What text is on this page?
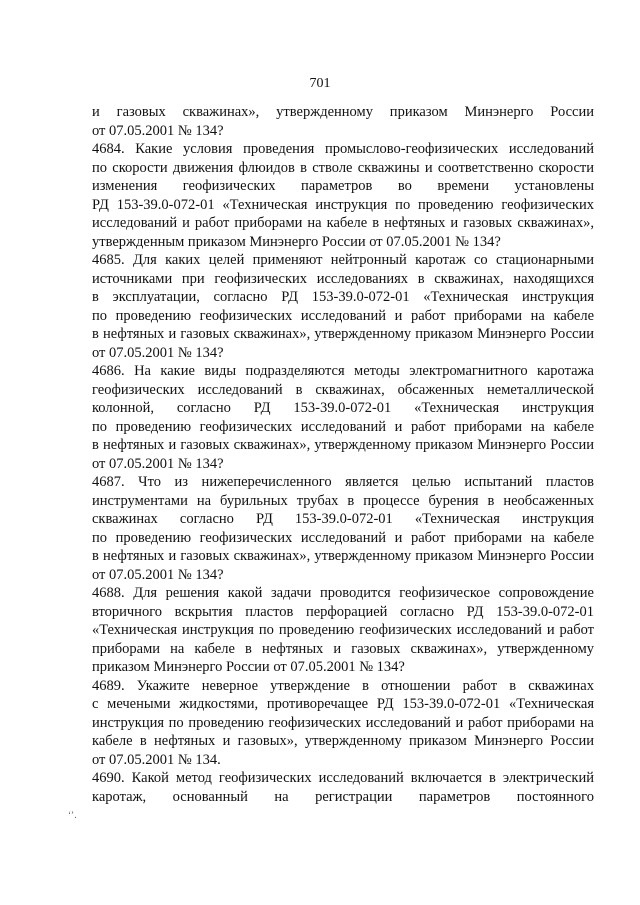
701
и газовых скважинах», утвержденному приказом Минэнерго России
от 07.05.2001 № 134?
4684. Какие условия проведения промыслово-геофизических исследований
по скорости движения флюидов в стволе скважины и соответственно скорости
изменения геофизических параметров во времени установлены
РД 153-39.0-072-01 «Техническая инструкция по проведению геофизических
исследований и работ приборами на кабеле в нефтяных и газовых скважинах»,
утвержденным приказом Минэнерго России от 07.05.2001 № 134?
4685. Для каких целей применяют нейтронный каротаж со стационарными
источниками при геофизических исследованиях в скважинах, находящихся
в эксплуатации, согласно РД 153-39.0-072-01 «Техническая инструкция
по проведению геофизических исследований и работ приборами на кабеле
в нефтяных и газовых скважинах», утвержденному приказом Минэнерго России
от 07.05.2001 № 134?
4686. На какие виды подразделяются методы электромагнитного каротажа
геофизических исследований в скважинах, обсаженных неметаллической
колонной, согласно РД 153-39.0-072-01 «Техническая инструкция
по проведению геофизических исследований и работ приборами на кабеле
в нефтяных и газовых скважинах», утвержденному приказом Минэнерго России
от 07.05.2001 № 134?
4687. Что из нижеперечисленного является целью испытаний пластов
инструментами на бурильных трубах в процессе бурения в необсаженных
скважинах согласно РД 153-39.0-072-01 «Техническая инструкция
по проведению геофизических исследований и работ приборами на кабеле
в нефтяных и газовых скважинах», утвержденному приказом Минэнерго России
от 07.05.2001 № 134?
4688. Для решения какой задачи проводится геофизическое сопровождение
вторичного вскрытия пластов перфорацией согласно РД 153-39.0-072-01
«Техническая инструкция по проведению геофизических исследований и работ
приборами на кабеле в нефтяных и газовых скважинах», утвержденному
приказом Минэнерго России от 07.05.2001 № 134?
4689. Укажите неверное утверждение в отношении работ в скважинах
с мечеными жидкостями, противоречащее РД 153-39.0-072-01 «Техническая
инструкция по проведению геофизических исследований и работ приборами на
кабеле в нефтяных и газовых», утвержденному приказом Минэнерго России
от 07.05.2001 № 134.
4690. Какой метод геофизических исследований включается в электрический
каротаж, основанный на регистрации параметров постоянного
‘’․
